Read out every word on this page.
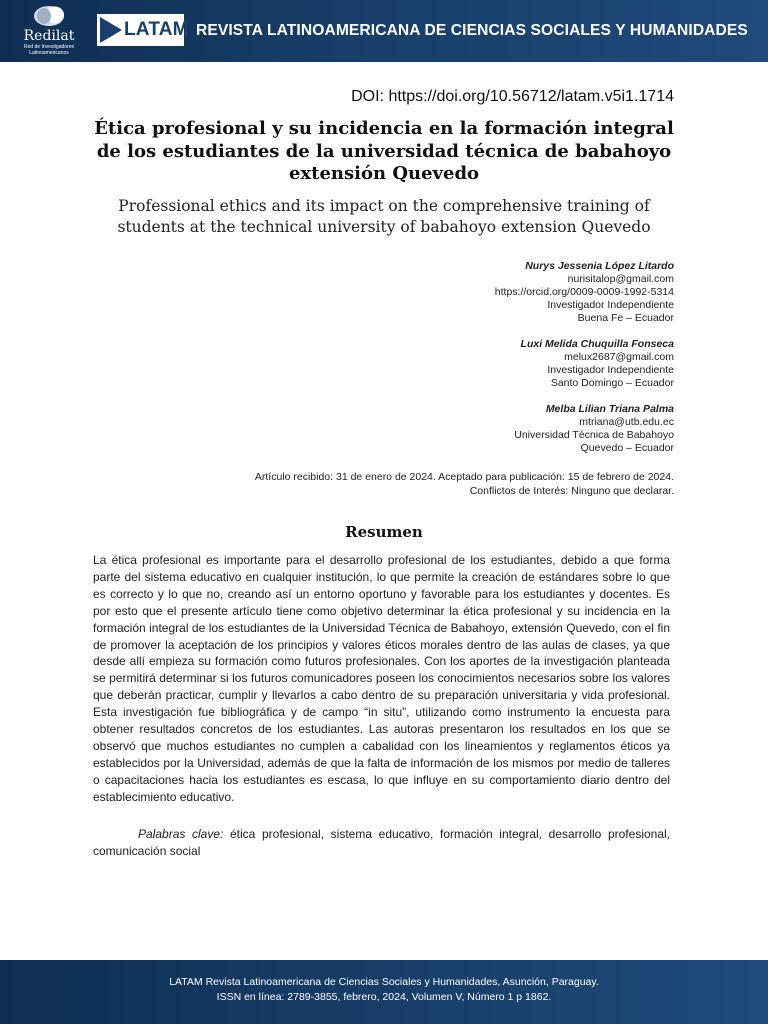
Redilat
Red de Investigadores Latinoamericanos
LATAM REVISTA LATINOAMERICANA DE CIENCIAS SOCIALES Y HUMANIDADES
DOI: https://doi.org/10.56712/latam.v5i1.1714
Ética profesional y su incidencia en la formación integral de los estudiantes de la universidad técnica de babahoyo extensión Quevedo
Professional ethics and its impact on the comprehensive training of students at the technical university of babahoyo extension Quevedo
Nurys Jessenia López Litardo
nurisitalop@gmail.com
https://orcid.org/0009-0009-1992-5314
Investigador Independiente
Buena Fe – Ecuador
Luxi Melida Chuquilla Fonseca
melux2687@gmail.com
Investigador Independiente
Santo Domingo – Ecuador
Melba Lilian Triana Palma
mtriana@utb.edu.ec
Universidad Técnica de Babahoyo
Quevedo – Ecuador
Artículo recibido: 31 de enero de 2024. Aceptado para publicación: 15 de febrero de 2024.
Conflictos de Interés: Ninguno que declarar.
Resumen

La ética profesional es importante para el desarrollo profesional de los estudiantes, debido a que forma parte del sistema educativo en cualquier institución, lo que permite la creación de estándares sobre lo que es correcto y lo que no, creando así un entorno oportuno y favorable para los estudiantes y docentes. Es por esto que el presente artículo tiene como objetivo determinar la ética profesional y su incidencia en la formación integral de los estudiantes de la Universidad Técnica de Babahoyo, extensión Quevedo, con el fin de promover la aceptación de los principios y valores éticos morales dentro de las aulas de clases, ya que desde allí empieza su formación como futuros profesionales. Con los aportes de la investigación planteada se permitirá determinar si los futuros comunicadores poseen los conocimientos necesarios sobre los valores que deberán practicar, cumplir y llevarlos a cabo dentro de su preparación universitaria y vida profesional. Esta investigación fue bibliográfica y de campo “in situ”, utilizando como instrumento la encuesta para obtener resultados concretos de los estudiantes. Las autoras presentaron los resultados en los que se observó que muchos estudiantes no cumplen a cabalidad con los lineamientos y reglamentos éticos ya establecidos por la Universidad, además de que la falta de información de los mismos por medio de talleres o capacitaciones hacia los estudiantes es escasa, lo que influye en su comportamiento diario dentro del establecimiento educativo.

Palabras clave: ética profesional, sistema educativo, formación integral, desarrollo profesional, comunicación social

LATAM Revista Latinoamericana de Ciencias Sociales y Humanidades, Asunción, Paraguay.
ISSN en línea: 2789-3855, febrero, 2024, Volumen V, Número 1 p 1862.
